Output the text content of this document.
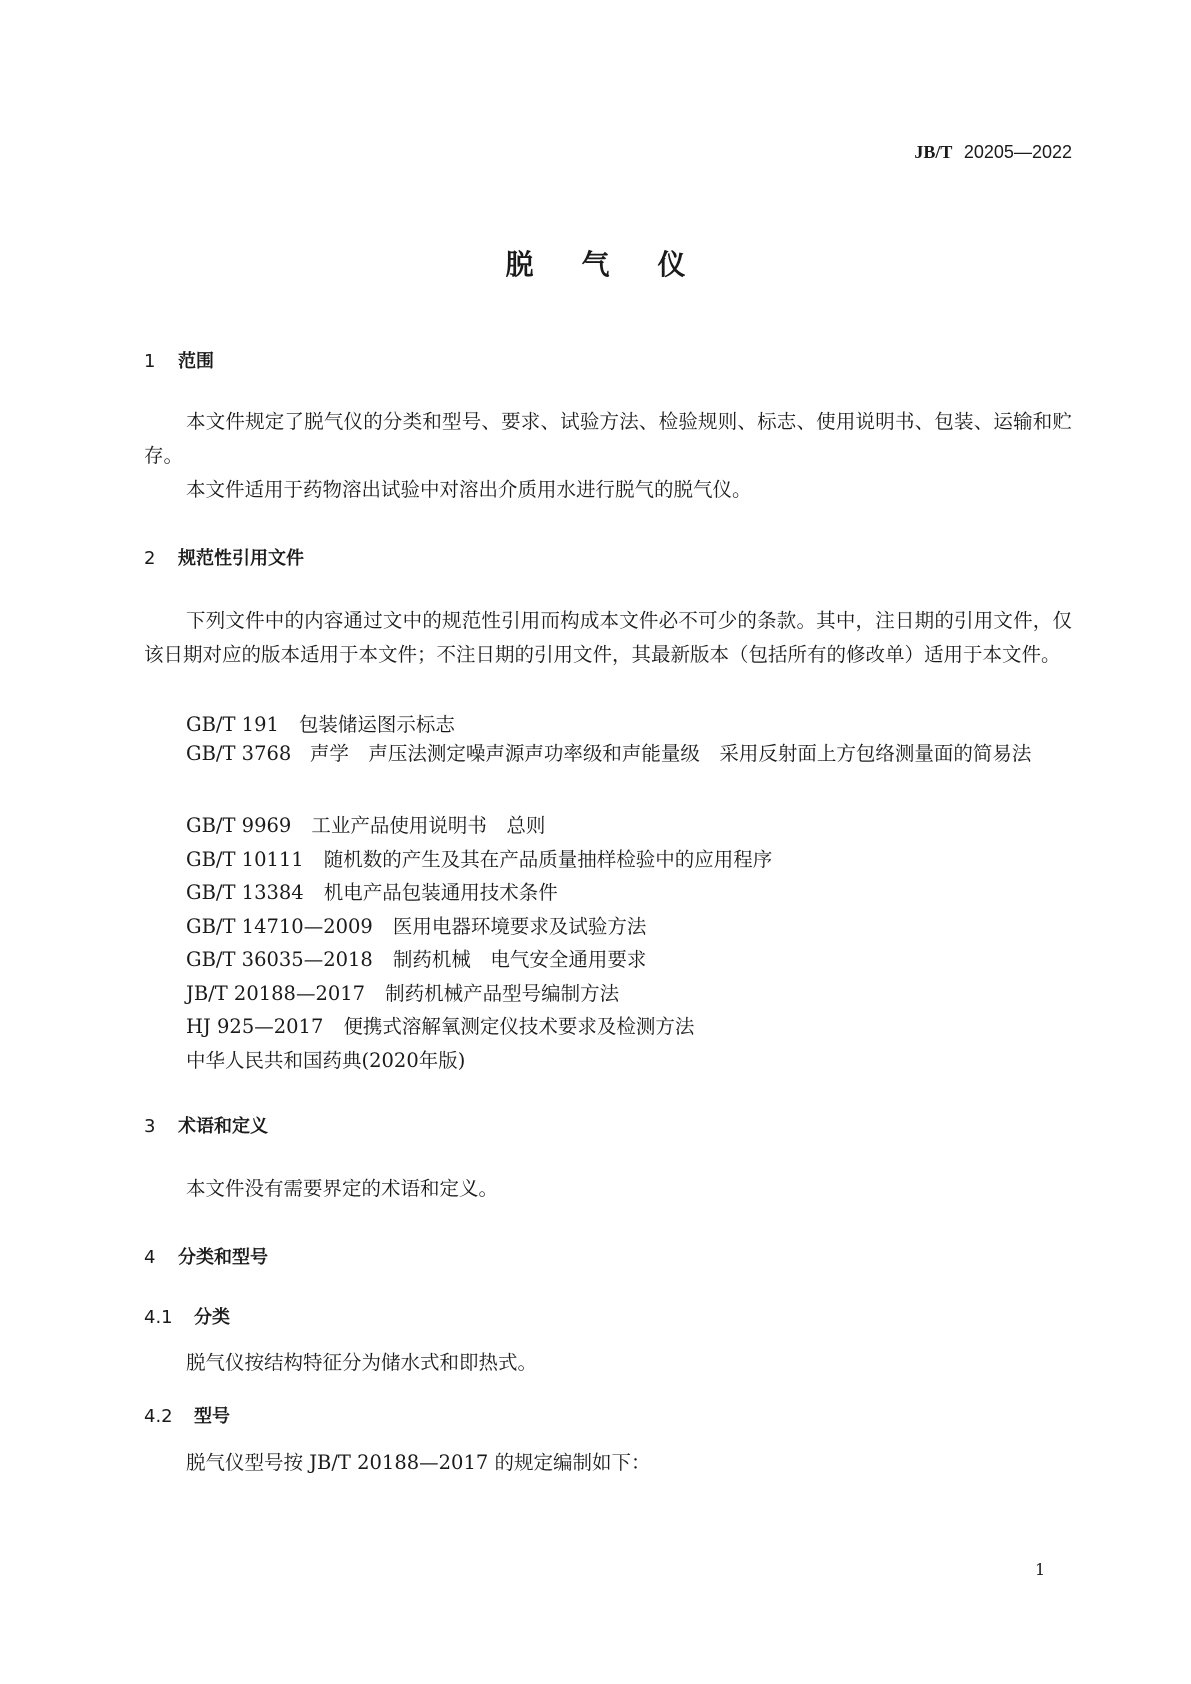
JB/T 20205—2022
脱气仪
1 范围
本文件规定了脱气仪的分类和型号、要求、试验方法、检验规则、标志、使用说明书、包装、运输和贮存。
本文件适用于药物溶出试验中对溶出介质用水进行脱气的脱气仪。
2 规范性引用文件
下列文件中的内容通过文中的规范性引用而构成本文件必不可少的条款。其中，注日期的引用文件，仅该日期对应的版本适用于本文件；不注日期的引用文件，其最新版本（包括所有的修改单）适用于本文件。
GB/T 191 包装储运图示标志
GB/T 3768 声学　声压法测定噪声源声功率级和声能量级　采用反射面上方包络测量面的简易法
GB/T 9969 工业产品使用说明书　总则
GB/T 10111 随机数的产生及其在产品质量抽样检验中的应用程序
GB/T 13384 机电产品包装通用技术条件
GB/T 14710—2009 医用电器环境要求及试验方法
GB/T 36035—2018 制药机械　电气安全通用要求
JB/T 20188—2017 制药机械产品型号编制方法
HJ 925—2017 便携式溶解氧测定仪技术要求及检测方法
中华人民共和国药典(2020年版)
3 术语和定义
本文件没有需要界定的术语和定义。
4 分类和型号
4.1 分类
脱气仪按结构特征分为储水式和即热式。
4.2 型号
脱气仪型号按 JB/T 20188—2017 的规定编制如下：
1
